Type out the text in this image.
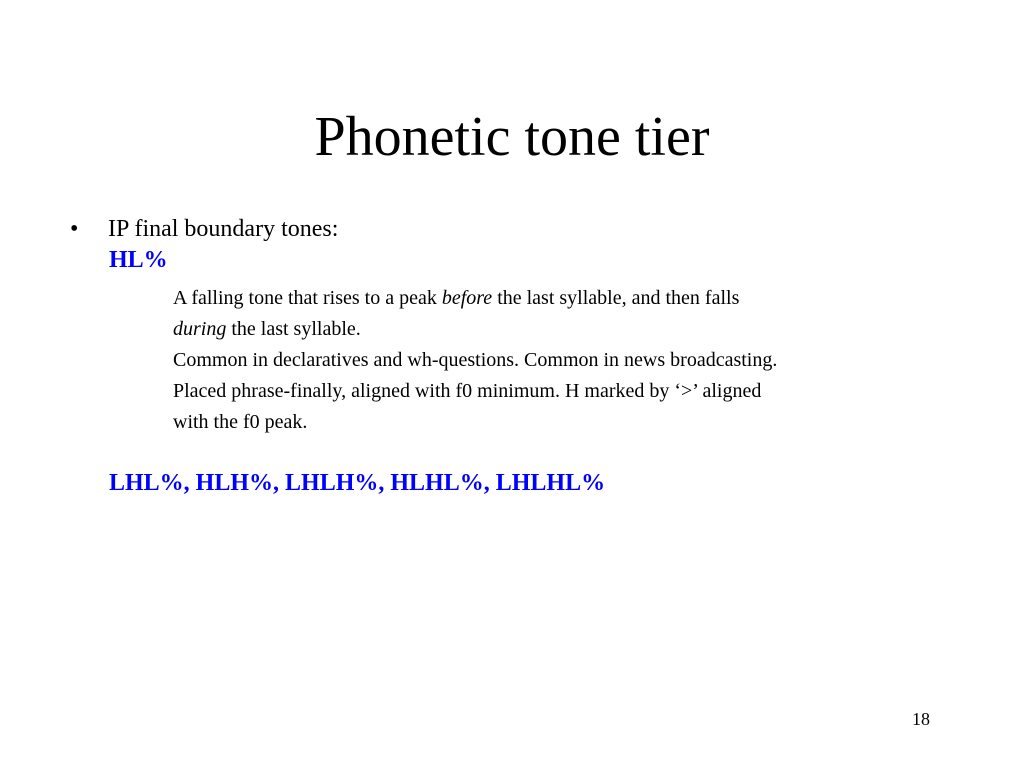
Phonetic tone tier
• IP final boundary tones:
HL%
A falling tone that rises to a peak before the last syllable, and then falls
during the last syllable.
Common in declaratives and wh-questions. Common in news broadcasting.
Placed phrase-finally, aligned with f0 minimum. H marked by ‘>’ aligned
with the f0 peak.
LHL%, HLH%, LHLH%, HLHL%, LHLHL%
18
